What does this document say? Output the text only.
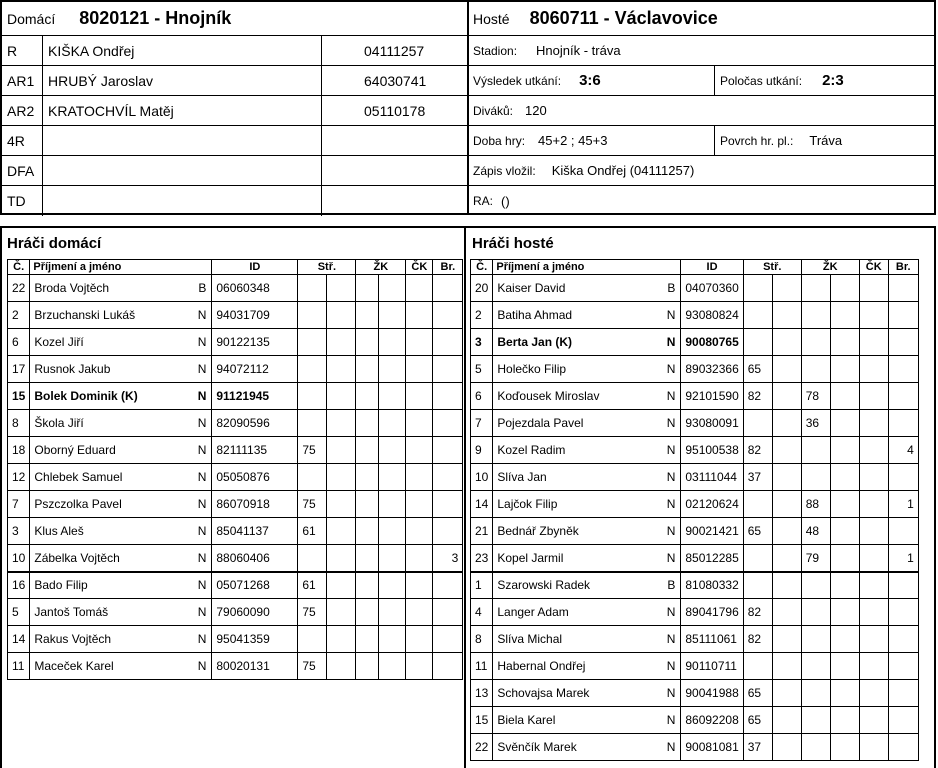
Domácí 8020121 - Hnojník
R KIŠKA Ondřej	04111257
AR1 HRUBÝ Jaroslav	64030741
AR2 KRATOCHVÍL Matěj	05110178
4R
DFA
TD
Hosté 8060711 - Václavovice
Stadion: Hnojník - tráva
Výsledek utkání: 3:6	Poločas utkání: 2:3
Diváků: 120
Doba hry: 45+2 ; 45+3	Povrch hr. pl.: Tráva
Zápis vložil: Kiška Ondřej (04111257)
RA: ()
Hráči domácí
Č.	Příjmení a jméno		ID	Stř.		ŽK		ČK	Br.
22	Broda Vojtěch	B	06060348						
2	Brzuchanski Lukáš	N	94031709						
6	Kozel Jiří	N	90122135						
17	Rusnok Jakub	N	94072112						
15	Bolek Dominik (K)	N	91121945						
8	Škola Jiří	N	82090596						
18	Oborný Eduard	N	82111135	75					
12	Chlebek Samuel	N	05050876						
7	Pszczolka Pavel	N	86070918	75					
3	Klus Aleš	N	85041137	61					
10	Zábelka Vojtěch	N	88060406						3
16	Bado Filip	N	05071268	61					
5	Jantoš Tomáš	N	79060090	75					
14	Rakus Vojtěch	N	95041359						
11	Maceček Karel	N	80020131	75					
Hráči hosté
Č.	Příjmení a jméno		ID	Stř.		ŽK		ČK	Br.
20	Kaiser David	B	04070360						
2	Batiha Ahmad	N	93080824						
3	Berta Jan (K)	N	90080765						
5	Holečko Filip	N	89032366	65					
6	Koďousek Miroslav	N	92101590	82		78			
7	Pojezdala Pavel	N	93080091			36			
9	Kozel Radim	N	95100538	82					4
10	Slíva Jan	N	03111044	37					
14	Lajčok Filip	N	02120624			88			1
21	Bednář Zbyněk	N	90021421	65		48			
23	Kopel Jarmil	N	85012285			79			1
1	Szarowski Radek	B	81080332						
4	Langer Adam	N	89041796	82					
8	Slíva Michal	N	85111061	82					
11	Habernal Ondřej	N	90110711						
13	Schovajsa Marek	N	90041988	65					
15	Biela Karel	N	86092208	65					
22	Svěnčík Marek	N	90081081	37					
